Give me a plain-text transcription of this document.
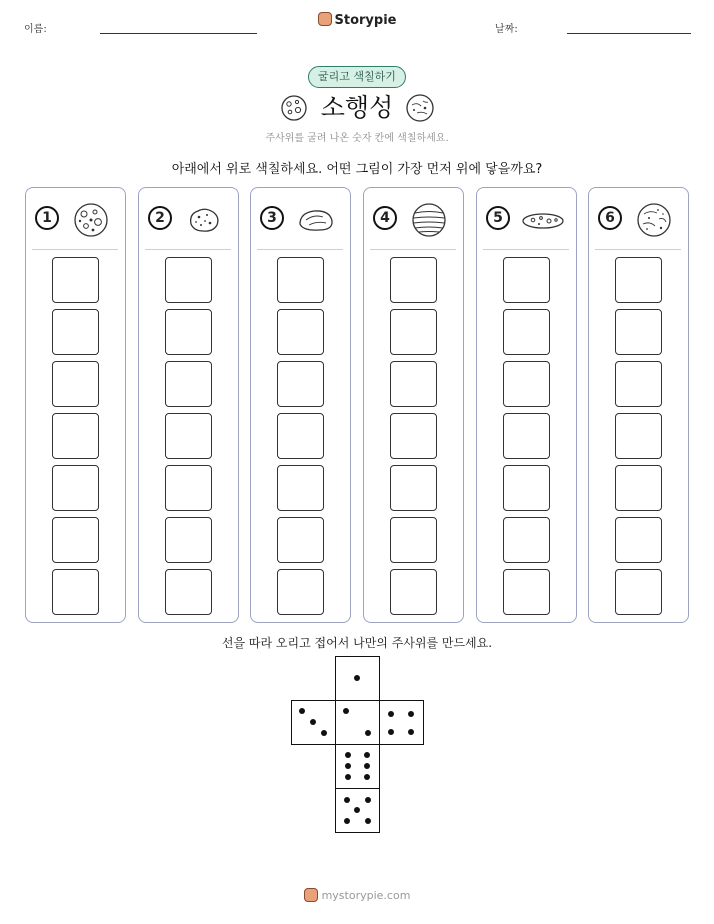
이름:
Storypie
날짜:
굴리고 색칠하기
소행성
주사위를 굴려 나온 숫자 칸에 색칠하세요.
아래에서 위로 색칠하세요. 어떤 그림이 가장 먼저 위에 닿을까요?
1	2	3	4	5	6
선을 따라 오리고 접어서 나만의 주사위를 만드세요.
mystorypie.com
